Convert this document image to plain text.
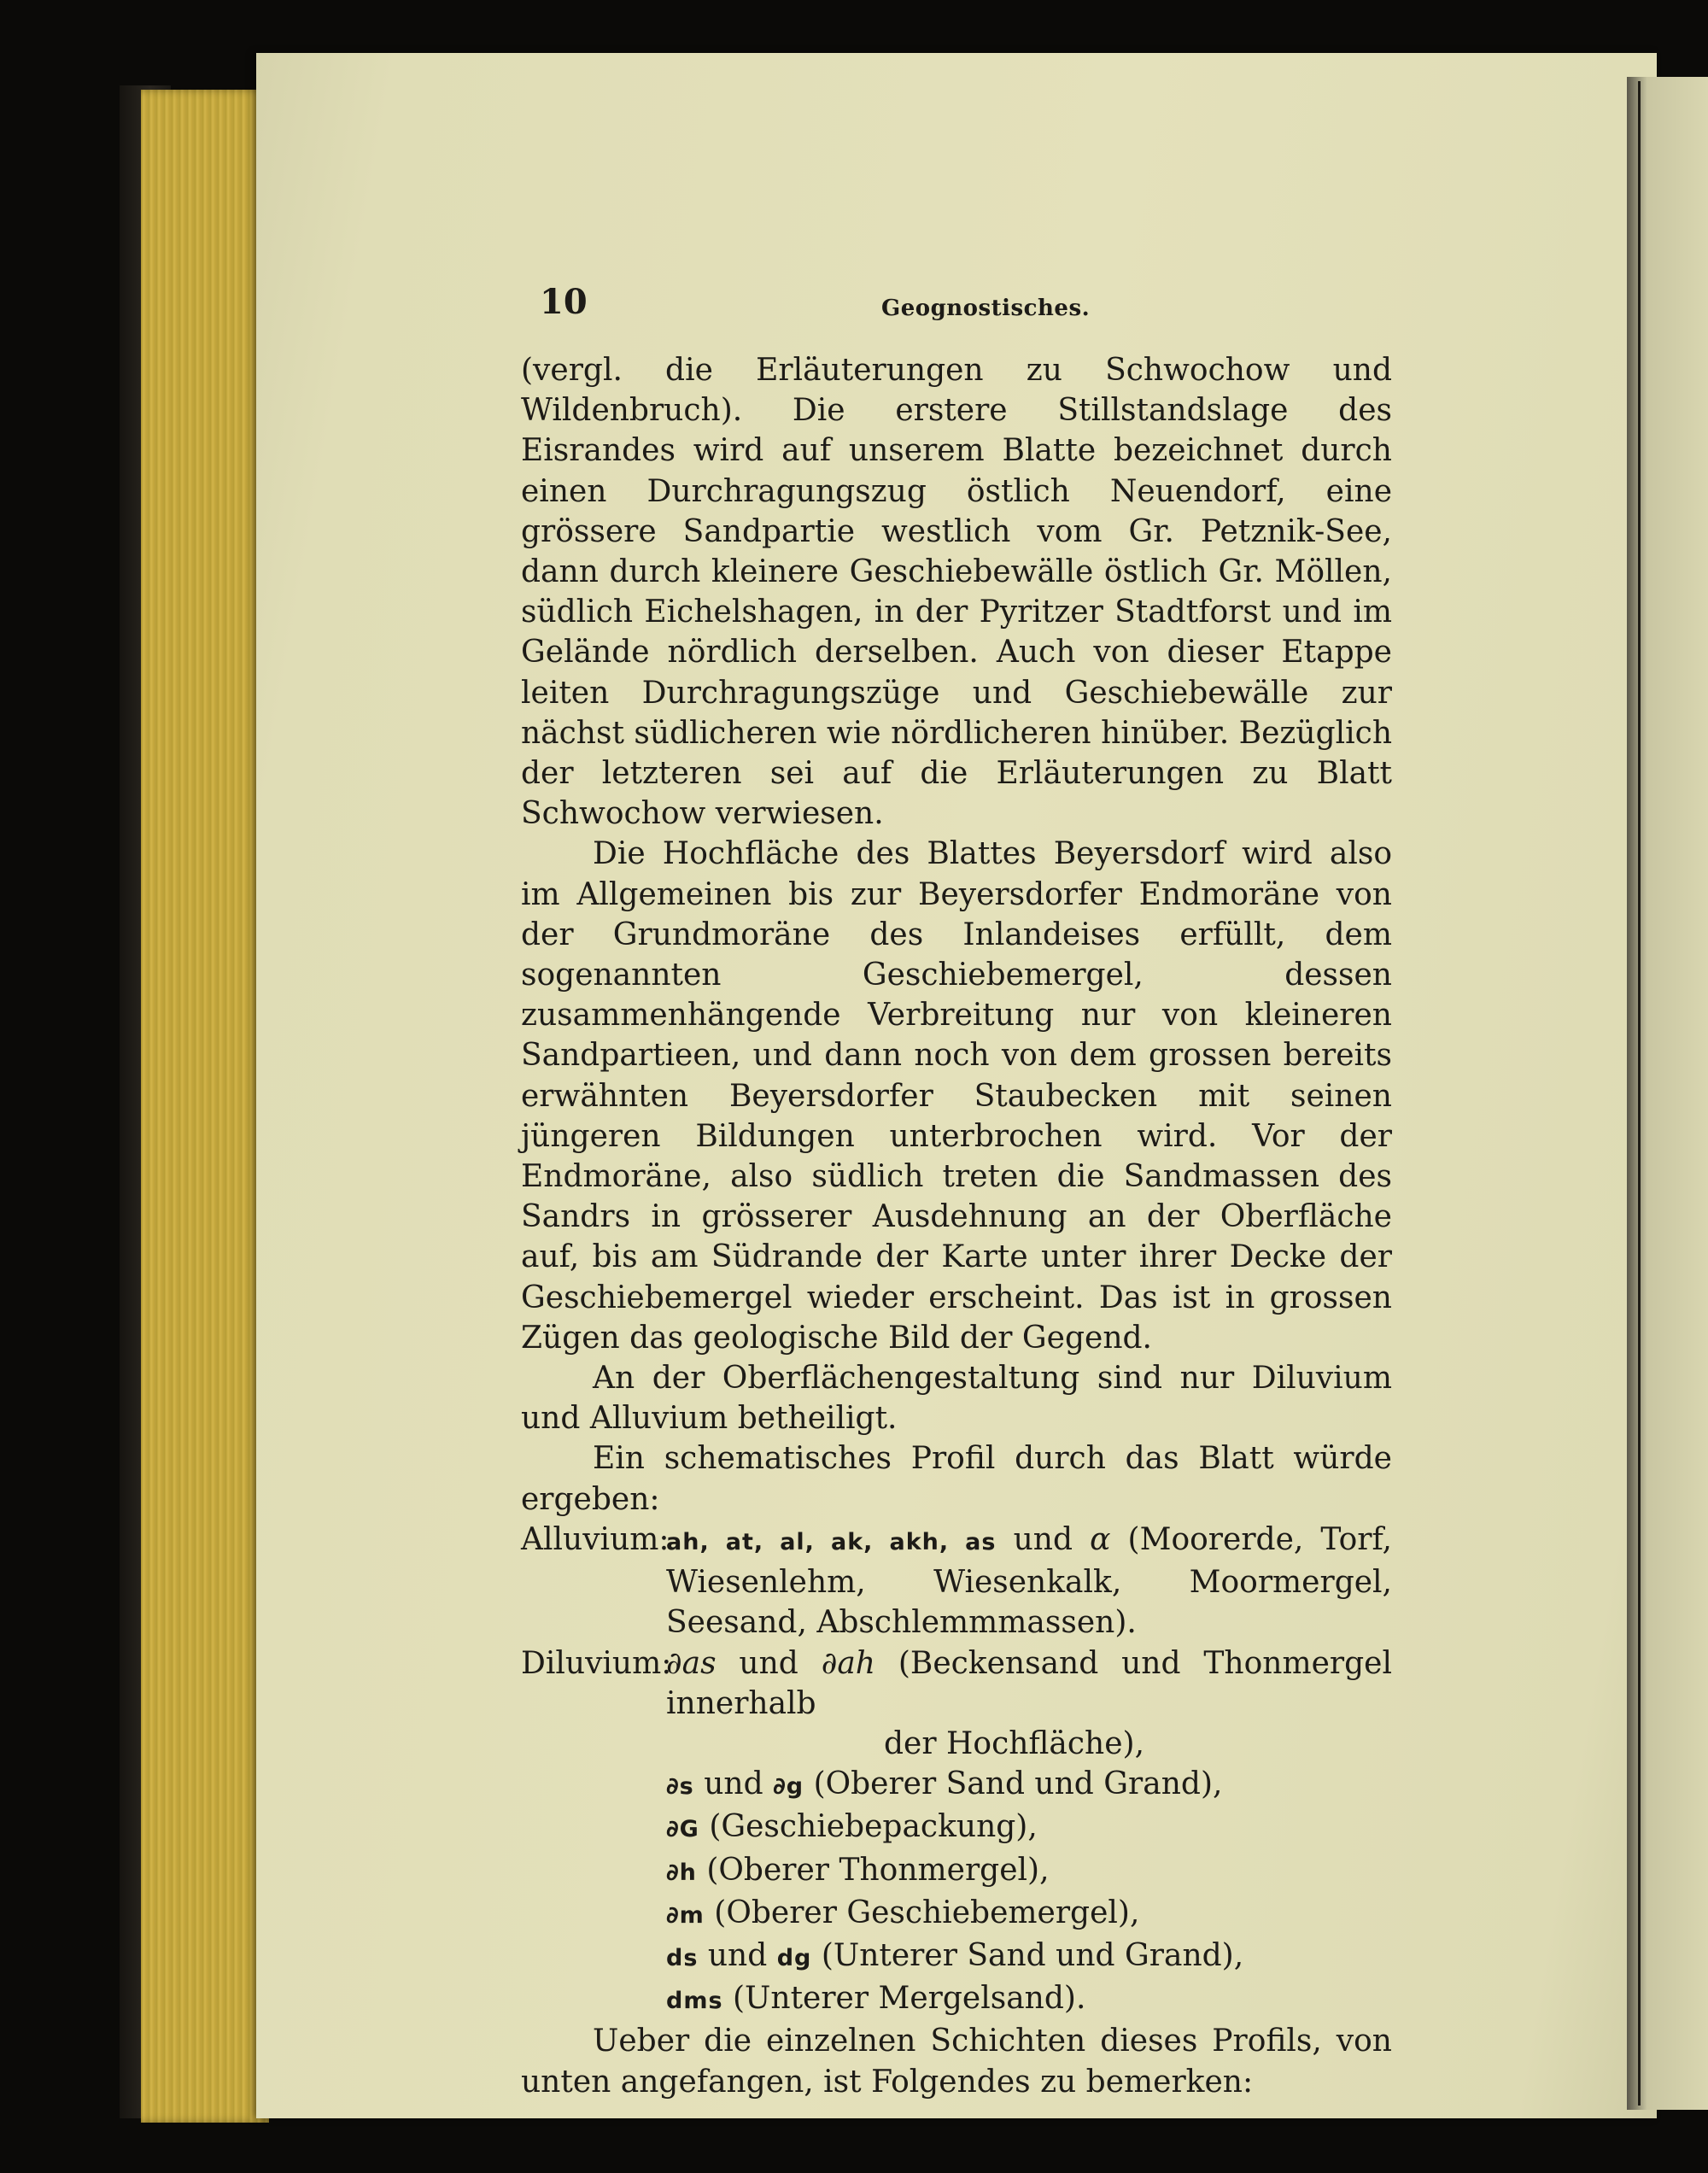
10	Geognostisches.

(vergl. die Erläuterungen zu Schwochow und Wildenbruch). Die erstere Stillstandslage des Eisrandes wird auf unserem Blatte bezeichnet durch einen Durchragungszug östlich Neuendorf, eine grössere Sandpartie westlich vom Gr. Petznik-See, dann durch kleinere Geschiebewälle östlich Gr. Möllen, südlich Eichelshagen, in der Pyritzer Stadtforst und im Gelände nördlich derselben. Auch von dieser Etappe leiten Durchragungszüge und Geschiebewälle zur nächst südlicheren wie nördlicheren hinüber. Bezüglich der letzteren sei auf die Erläuterungen zu Blatt Schwochow verwiesen.

Die Hochfläche des Blattes Beyersdorf wird also im Allgemeinen bis zur Beyersdorfer Endmoräne von der Grundmoräne des Inlandeises erfüllt, dem sogenannten Geschiebemergel, dessen zusammenhängende Verbreitung nur von kleineren Sandpartieen, und dann noch von dem grossen bereits erwähnten Beyersdorfer Staubecken mit seinen jüngeren Bildungen unterbrochen wird. Vor der Endmoräne, also südlich treten die Sandmassen des Sandrs in grösserer Ausdehnung an der Oberfläche auf, bis am Südrande der Karte unter ihrer Decke der Geschiebemergel wieder erscheint. Das ist in grossen Zügen das geologische Bild der Gegend.

An der Oberflächengestaltung sind nur Diluvium und Alluvium betheiligt.

Ein schematisches Profil durch das Blatt würde ergeben:

Alluvium:
ah, at, al, ak, akh, as und α (Moorerde, Torf, Wiesenlehm, Wiesenkalk, Moormergel, Seesand, Abschlemmmassen).
Diluvium:
∂as und ∂ah (Beckensand und Thonmergel innerhalb
der Hochfläche),
∂s und ∂g (Oberer Sand und Grand),
∂G (Geschiebepackung),
∂h (Oberer Thonmergel),
∂m (Oberer Geschiebemergel),
ds und dg (Unterer Sand und Grand),
dms (Unterer Mergelsand).

Ueber die einzelnen Schichten dieses Profils, von unten angefangen, ist Folgendes zu bemerken:
